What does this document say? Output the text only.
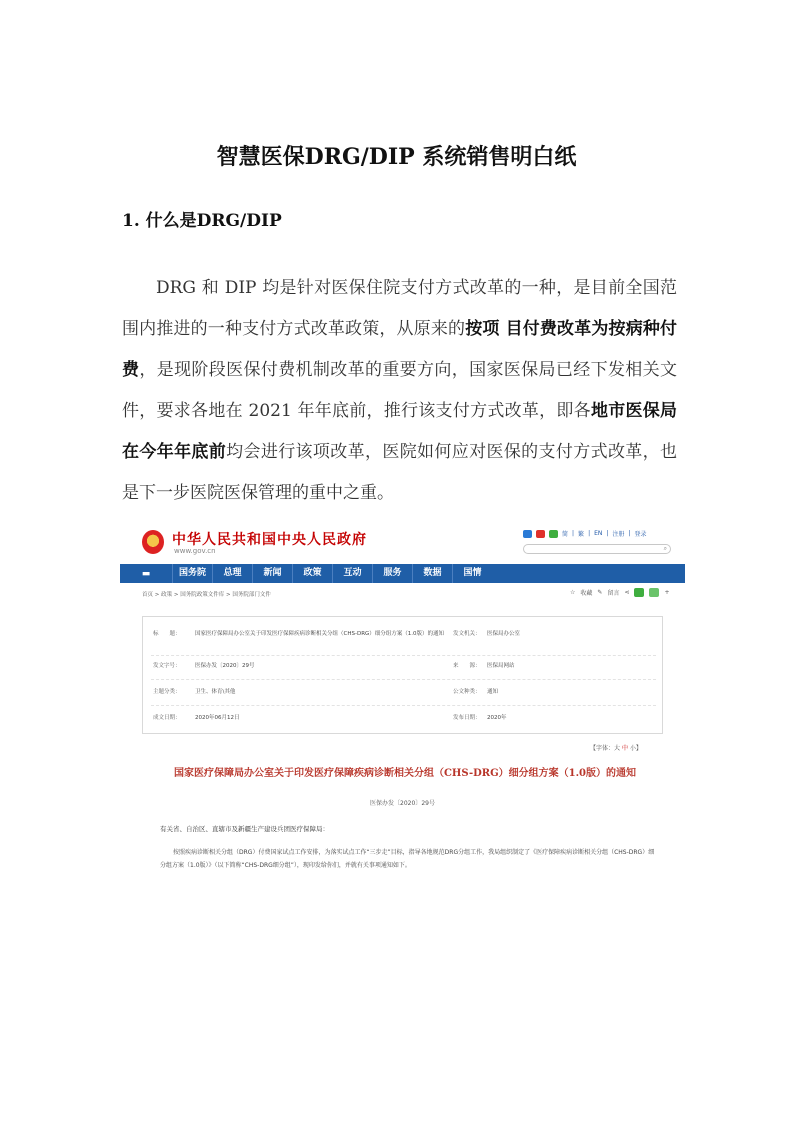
智慧医保DRG/DIP 系统销售明白纸
1. 什么是DRG/DIP

DRG 和 DIP 均是针对医保住院支付方式改革的一种，是目前全国范围内推进的一种支付方式改革政策，从原来的按项 目付费改革为按病种付费，是现阶段医保付费机制改革的重要方向，国家医保局已经下发相关文件，要求各地在 2021 年年底前，推行该支付方式改革，即各地市医保局在今年年底前均会进行该项改革，医院如何应对医保的支付方式改革，也是下一步医院医保管理的重中之重。

中华人民共和国中央人民政府
www.gov.cn
简 | 繁 | EN | 注册 | 登录
⌕
▬	国务院	总理	新闻	政策	互动	服务	数据	国情
首页 > 政策 > 国务院政策文件库 > 国务院部门文件	☆ 收藏 ✎ 留言 ⋖	+
标　　题：	国家医疗保障局办公室关于印发医疗保障疾病诊断相关分组（CHS-DRG）细分组方案（1.0版）的通知 发文机关： 医保局办公室
发文字号：	医保办发〔2020〕29号	来　　源： 医保局网站
主题分类：	卫生、体育\其他	公文种类： 通知
成文日期：	2020年06月12日	发布日期： 2020年
【字体：大 中 小】
国家医疗保障局办公室关于印发医疗保障疾病诊断相关分组（CHS-DRG）细分组方案（1.0版）的通知
医保办发〔2020〕29号
有关省、自治区、直辖市及新疆生产建设兵团医疗保障局：
按照疾病诊断相关分组（DRG）付费国家试点工作安排，为落实试点工作“三步走”目标，指导各地规范DRG分组工作，我局组织制定了《医疗保障疾病诊断相关分组（CHS-DRG）细分组方案（1.0版）》（以下简称“CHS-DRG细分组”），现印发给你们，并就有关事项通知如下。
